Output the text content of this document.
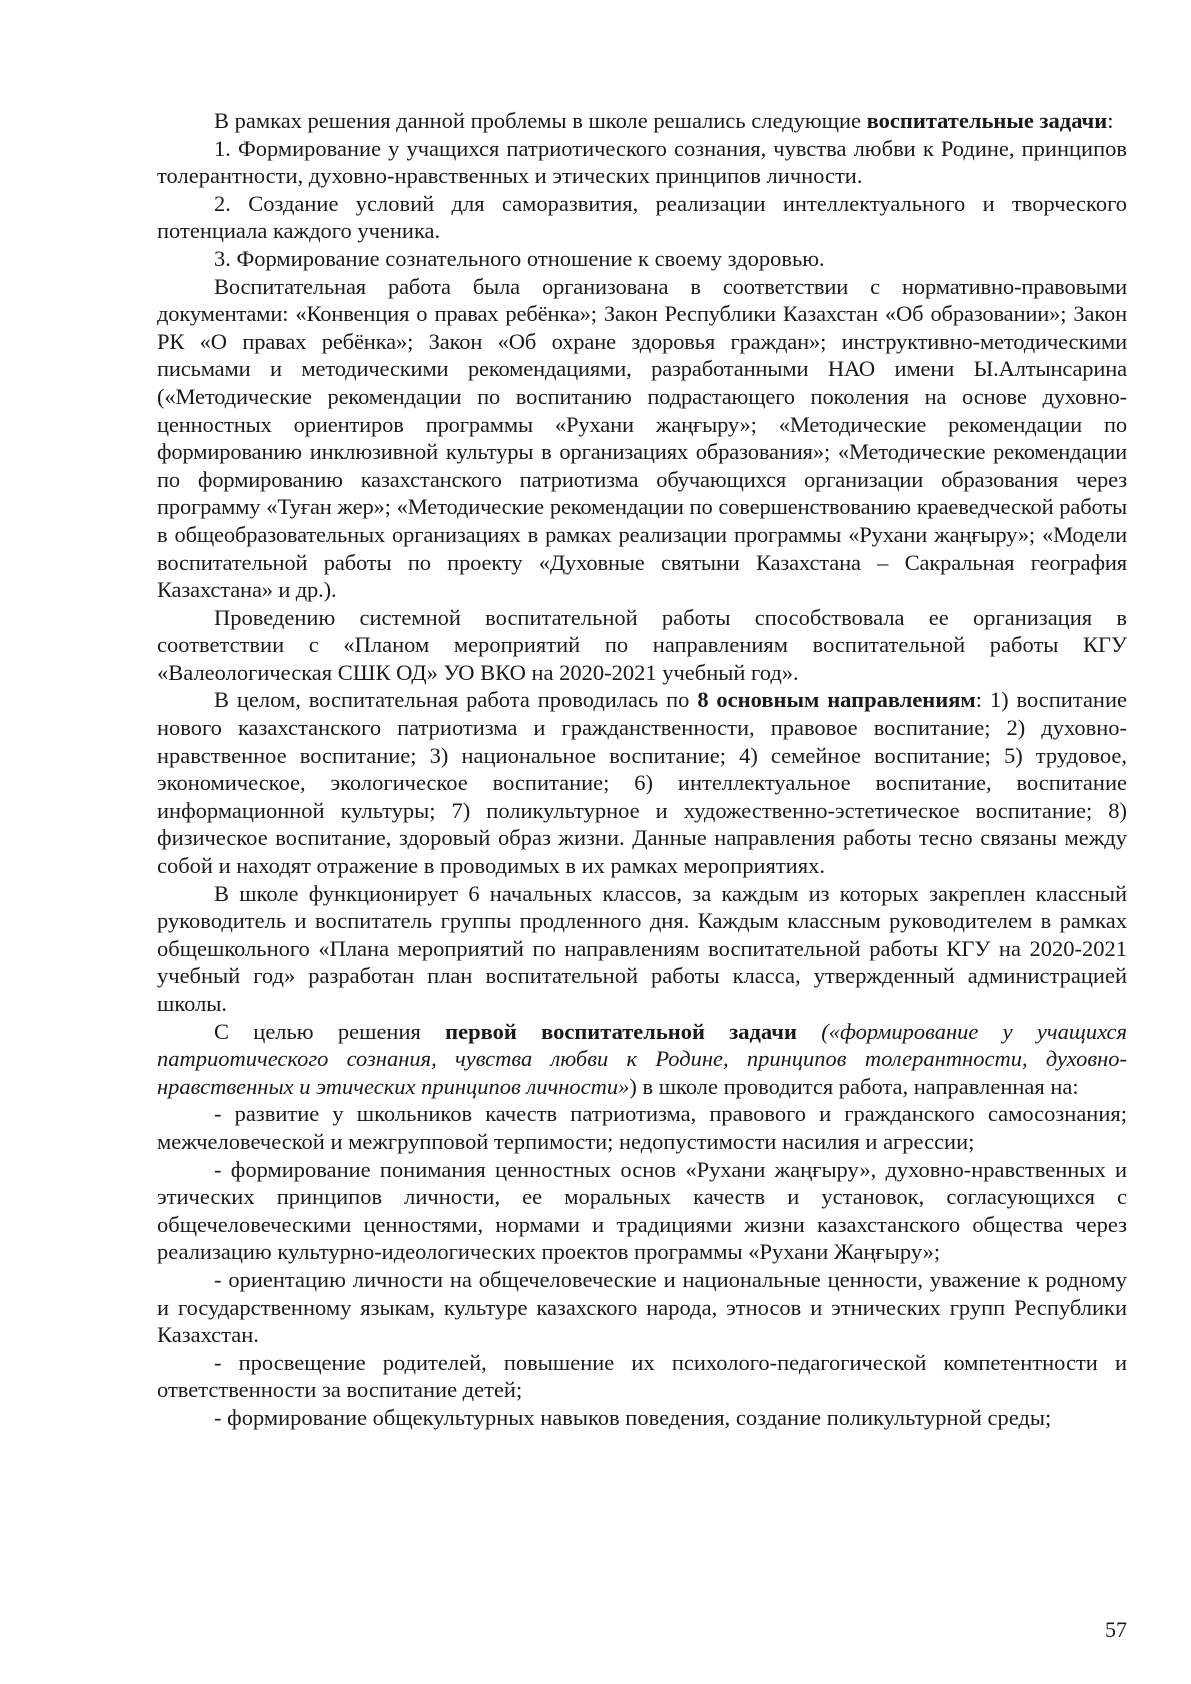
В рамках решения данной проблемы в школе решались следующие воспитательные задачи:

1. Формирование у учащихся патриотического сознания, чувства любви к Родине, принципов толерантности, духовно-нравственных и этических принципов личности.

2. Создание условий для саморазвития, реализации интеллектуального и творческого потенциала каждого ученика.

3. Формирование сознательного отношение к своему здоровью.

Воспитательная работа была организована в соответствии с нормативно-правовыми документами: «Конвенция о правах ребёнка»; Закон Республики Казахстан «Об образовании»; Закон РК «О правах ребёнка»; Закон «Об охране здоровья граждан»; инструктивно-методическими письмами и методическими рекомендациями, разработанными НАО имени Ы.Алтынсарина («Методические рекомендации по воспитанию подрастающего поколения на основе духовно-ценностных ориентиров программы «Рухани жаңғыру»; «Методические рекомендации по формированию инклюзивной культуры в организациях образования»; «Методические рекомендации по формированию казахстанского патриотизма обучающихся организации образования через программу «Туған жер»; «Методические рекомендации по совершенствованию краеведческой работы в общеобразовательных организациях в рамках реализации программы «Рухани жаңғыру»; «Модели воспитательной работы по проекту «Духовные святыни Казахстана – Сакральная география Казахстана» и др.).

Проведению системной воспитательной работы способствовала ее организация в соответствии с «Планом мероприятий по направлениям воспитательной работы КГУ «Валеологическая СШК ОД» УО ВКО на 2020-2021 учебный год».

В целом, воспитательная работа проводилась по 8 основным направлениям: 1) воспитание нового казахстанского патриотизма и гражданственности, правовое воспитание; 2) духовно-нравственное воспитание; 3) национальное воспитание; 4) семейное воспитание; 5) трудовое, экономическое, экологическое воспитание; 6) интеллектуальное воспитание, воспитание информационной культуры; 7) поликультурное и художественно-эстетическое воспитание; 8) физическое воспитание, здоровый образ жизни. Данные направления работы тесно связаны между собой и находят отражение в проводимых в их рамках мероприятиях.

В школе функционирует 6 начальных классов, за каждым из которых закреплен классный руководитель и воспитатель группы продленного дня. Каждым классным руководителем в рамках общешкольного «Плана мероприятий по направлениям воспитательной работы КГУ на 2020-2021 учебный год» разработан план воспитательной работы класса, утвержденный администрацией школы.

С целью решения первой воспитательной задачи («формирование у учащихся патриотического сознания, чувства любви к Родине, принципов толерантности, духовно-нравственных и этических принципов личности») в школе проводится работа, направленная на:

- развитие у школьников качеств патриотизма, правового и гражданского самосознания; межчеловеческой и межгрупповой терпимости; недопустимости насилия и агрессии;

- формирование понимания ценностных основ «Рухани жаңғыру», духовно-нравственных и этических принципов личности, ее моральных качеств и установок, согласующихся с общечеловеческими ценностями, нормами и традициями жизни казахстанского общества через реализацию культурно-идеологических проектов программы «Рухани Жаңғыру»;

- ориентацию личности на общечеловеческие и национальные ценности, уважение к родному и государственному языкам, культуре казахского народа, этносов и этнических групп Республики Казахстан.

- просвещение родителей, повышение их психолого-педагогической компетентности и ответственности за воспитание детей;

- формирование общекультурных навыков поведения, создание поликультурной среды;

57
